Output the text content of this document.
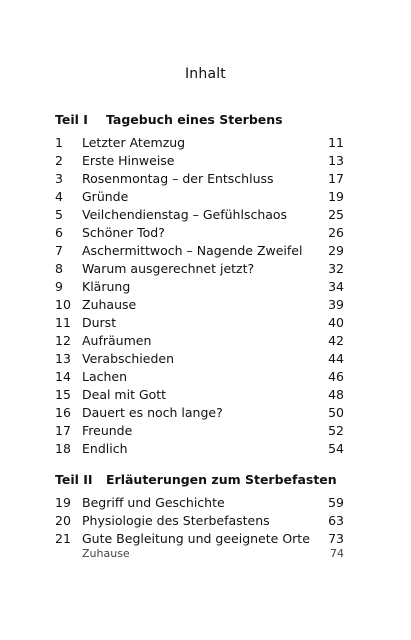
Inhalt
Teil I Tagebuch eines Sterbens
1 Letzter Atemzug	11
2 Erste Hinweise	13
3 Rosenmontag – der Entschluss	17
4 Gründe	19
5 Veilchendienstag – Gefühlschaos	25
6 Schöner Tod?	26
7 Aschermittwoch – Nagende Zweifel 29
8 Warum ausgerechnet jetzt?	32
9 Klärung	34
10 Zuhause	39
11 Durst	40
12 Aufräumen	42
13 Verabschieden	44
14 Lachen	46
15 Deal mit Gott	48
16 Dauert es noch lange?	50
17 Freunde	52
18 Endlich	54
Teil II Erläuterungen zum Sterbefasten
19 Begriff und Geschichte	59
20 Physiologie des Sterbefastens	63
21 Gute Begleitung und geeignete Orte 73
Zuhause	74
